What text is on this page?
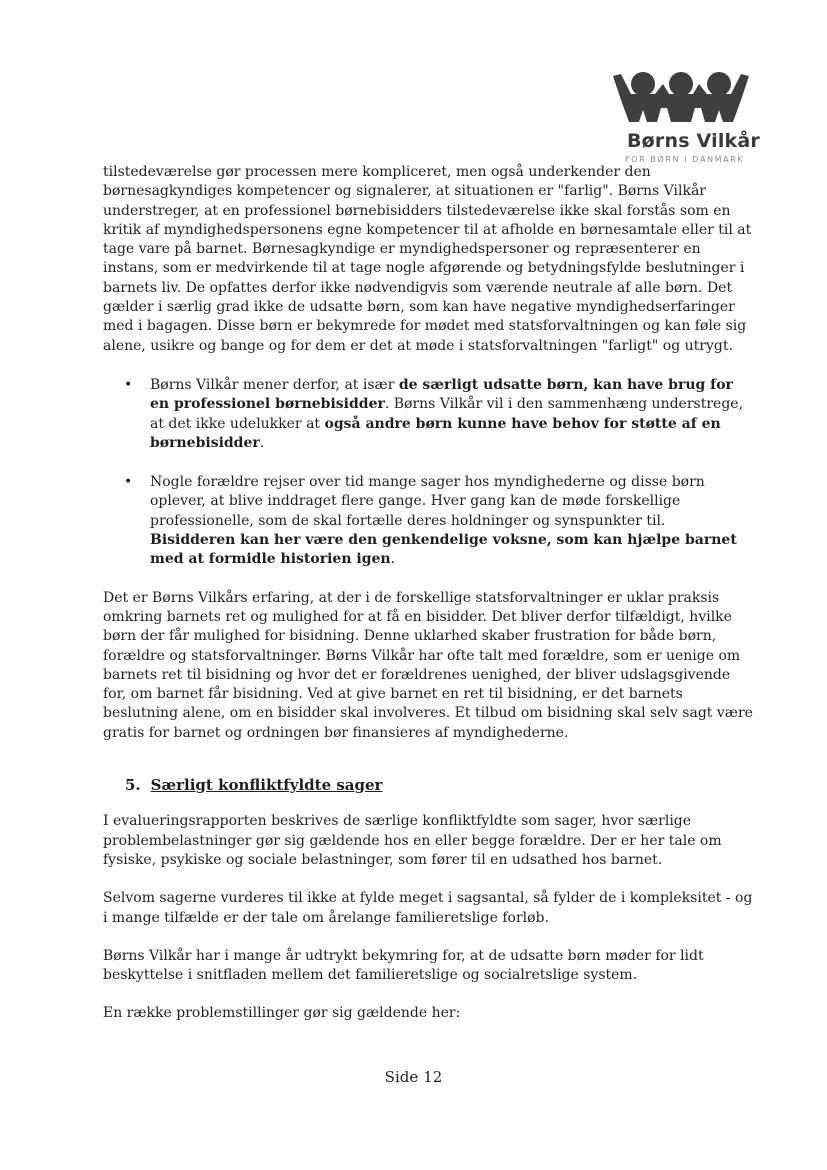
Børns Vilkår
FOR BØRN I DANMARK

tilstedeværelse gør processen mere kompliceret, men også underkender den børnesagkyndiges kompetencer og signalerer, at situationen er "farlig". Børns Vilkår understreger, at en professionel børnebisidders tilstedeværelse ikke skal forstås som en kritik af myndighedspersonens egne kompetencer til at afholde en børnesamtale eller til at tage vare på barnet. Børnesagkyndige er myndighedspersoner og repræsenterer en instans, som er medvirkende til at tage nogle afgørende og betydningsfylde beslutninger i barnets liv. De opfattes derfor ikke nødvendigvis som værende neutrale af alle børn. Det gælder i særlig grad ikke de udsatte børn, som kan have negative myndighedserfaringer med i bagagen. Disse børn er bekymrede for mødet med statsforvaltningen og kan føle sig alene, usikre og bange og for dem er det at møde i statsforvaltningen "farligt" og utrygt.

• Børns Vilkår mener derfor, at især de særligt udsatte børn, kan have brug for en professionel børnebisidder. Børns Vilkår vil i den sammenhæng understrege, at det ikke udelukker at også andre børn kunne have behov for støtte af en børnebisidder.
• Nogle forældre rejser over tid mange sager hos myndighederne og disse børn oplever, at blive inddraget flere gange. Hver gang kan de møde forskellige professionelle, som de skal fortælle deres holdninger og synspunkter til. Bisidderen kan her være den genkendelige voksne, som kan hjælpe barnet med at formidle historien igen.

Det er Børns Vilkårs erfaring, at der i de forskellige statsforvaltninger er uklar praksis omkring barnets ret og mulighed for at få en bisidder. Det bliver derfor tilfældigt, hvilke børn der får mulighed for bisidning. Denne uklarhed skaber frustration for både børn, forældre og statsforvaltninger. Børns Vilkår har ofte talt med forældre, som er uenige om barnets ret til bisidning og hvor det er forældrenes uenighed, der bliver udslagsgivende for, om barnet får bisidning. Ved at give barnet en ret til bisidning, er det barnets beslutning alene, om en bisidder skal involveres. Et tilbud om bisidning skal selv sagt være gratis for barnet og ordningen bør finansieres af myndighederne.

5. Særligt konfliktfyldte sager

I evalueringsrapporten beskrives de særlige konfliktfyldte som sager, hvor særlige problembelastninger gør sig gældende hos en eller begge forældre. Der er her tale om fysiske, psykiske og sociale belastninger, som fører til en udsathed hos barnet.

Selvom sagerne vurderes til ikke at fylde meget i sagsantal, så fylder de i kompleksitet - og i mange tilfælde er der tale om årelange familieretslige forløb.

Børns Vilkår har i mange år udtrykt bekymring for, at de udsatte børn møder for lidt beskyttelse i snitfladen mellem det familieretslige og socialretslige system.

En række problemstillinger gør sig gældende her:

Side 12
